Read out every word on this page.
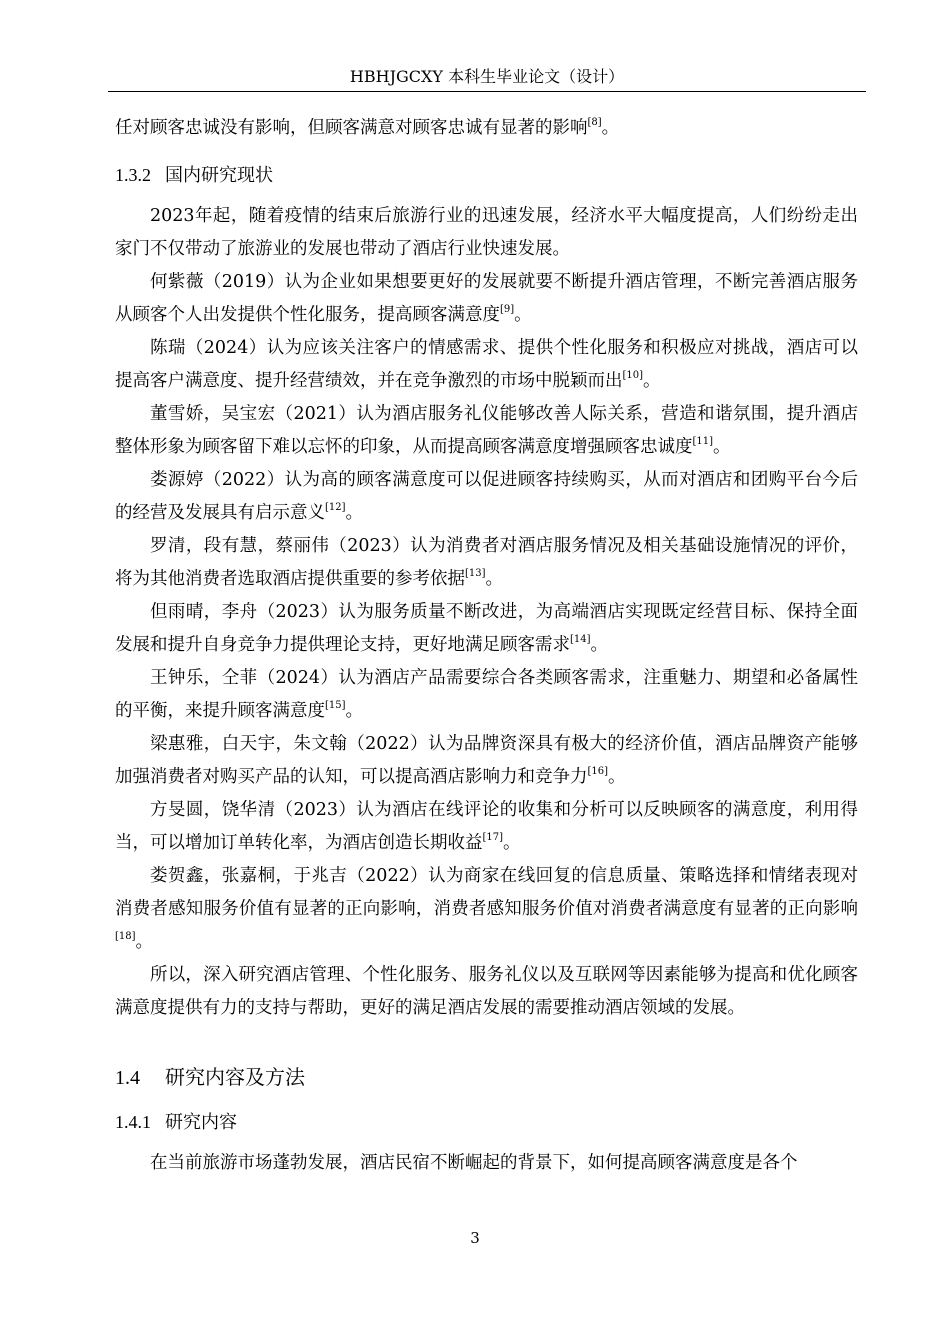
HBHJGCXY 本科生毕业论文（设计）

任对顾客忠诚没有影响，但顾客满意对顾客忠诚有显著的影响[8]。

1.3.2 国内研究现状

2023年起，随着疫情的结束后旅游行业的迅速发展，经济水平大幅度提高，人们纷纷走出家门不仅带动了旅游业的发展也带动了酒店行业快速发展。

何紫薇（2019）认为企业如果想要更好的发展就要不断提升酒店管理，不断完善酒店服务从顾客个人出发提供个性化服务，提高顾客满意度[9]。

陈瑞（2024）认为应该关注客户的情感需求、提供个性化服务和积极应对挑战，酒店可以提高客户满意度、提升经营绩效，并在竞争激烈的市场中脱颖而出[10]。

董雪娇，吴宝宏（2021）认为酒店服务礼仪能够改善人际关系，营造和谐氛围，提升酒店整体形象为顾客留下难以忘怀的印象，从而提高顾客满意度增强顾客忠诚度[11]。

娄源婷（2022）认为高的顾客满意度可以促进顾客持续购买，从而对酒店和团购平台今后的经营及发展具有启示意义[12]。

罗清，段有慧，蔡丽伟（2023）认为消费者对酒店服务情况及相关基础设施情况的评价，将为其他消费者选取酒店提供重要的参考依据[13]。

但雨晴，李舟（2023）认为服务质量不断改进，为高端酒店实现既定经营目标、保持全面发展和提升自身竞争力提供理论支持，更好地满足顾客需求[14]。

王钟乐，仝菲（2024）认为酒店产品需要综合各类顾客需求，注重魅力、期望和必备属性的平衡，来提升顾客满意度[15]。

梁惠雅，白天宇，朱文翰（2022）认为品牌资深具有极大的经济价值，酒店品牌资产能够加强消费者对购买产品的认知，可以提高酒店影响力和竞争力[16]。

方旻圆，饶华清（2023）认为酒店在线评论的收集和分析可以反映顾客的满意度，利用得当，可以增加订单转化率，为酒店创造长期收益[17]。

娄贺鑫，张嘉桐，于兆吉（2022）认为商家在线回复的信息质量、策略选择和情绪表现对消费者感知服务价值有显著的正向影响，消费者感知服务价值对消费者满意度有显著的正向影响[18]。

所以，深入研究酒店管理、个性化服务、服务礼仪以及互联网等因素能够为提高和优化顾客满意度提供有力的支持与帮助，更好的满足酒店发展的需要推动酒店领域的发展。

1.4 研究内容及方法
1.4.1 研究内容

在当前旅游市场蓬勃发展，酒店民宿不断崛起的背景下，如何提高顾客满意度是各个

3
